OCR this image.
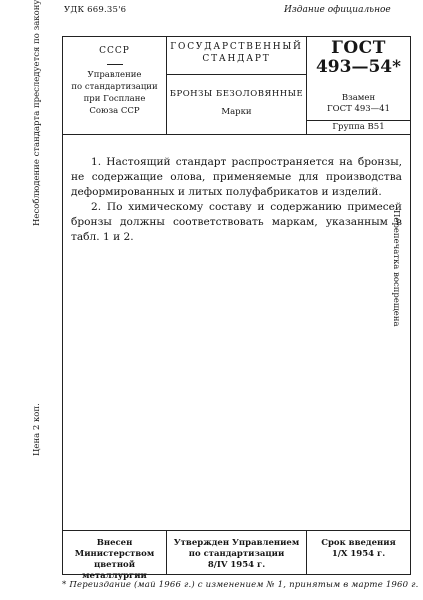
УДК 669.35'6	Издание официальное
Цена 2 коп.
Несоблюдение стандарта преследуется по закону
Перепечатка воспрещена
СССР
Управление
по стандартизации
при Госплане
Союза ССР
ГОСУДАРСТВЕННЫЙ
СТАНДАРТ
БРОНЗЫ БЕЗОЛОВЯННЫЕ
Марки
ГОСТ
493—54*
Взамен
ГОСТ 493—41
Группа В51

1. Настоящий стандарт распространяется на бронзы, не содержащие олова, применяемые для производства деформированных и литых полуфабрикатов и изделий.

2. По химическому составу и содержанию примесей бронзы должны соответствовать маркам, указанным в табл. 1 и 2.

Внесен Министерством
цветной металлургии
Утвержден Управлением
по стандартизации
8/IV 1954 г.
Срок введения
1/X 1954 г.
* Переиздание (май 1966 г.) с изменением № 1, принятым в марте 1960 г.
